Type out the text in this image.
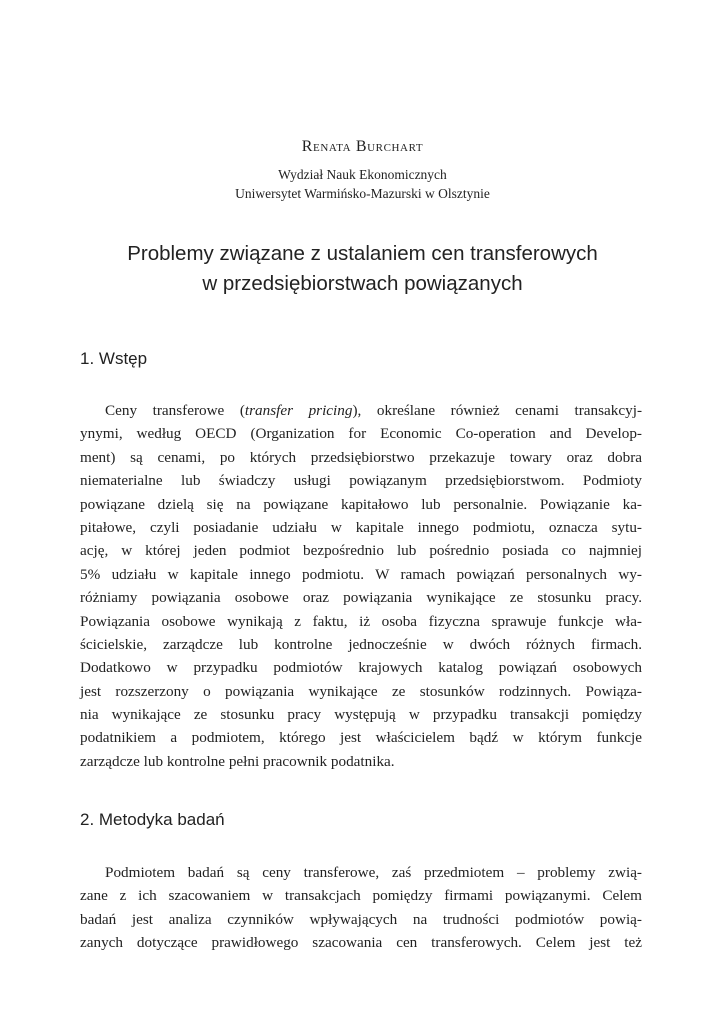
Renata Burchart
Wydział Nauk Ekonomicznych
Uniwersytet Warmińsko-Mazurski w Olsztynie
Problemy związane z ustalaniem cen transferowych
w przedsiębiorstwach powiązanych
1. Wstęp
Ceny transferowe (transfer pricing), określane również cenami transakcyj-
ynymi, według OECD (Organization for Economic Co-operation and Develop-
ment) są cenami, po których przedsiębiorstwo przekazuje towary oraz dobra
niematerialne lub świadczy usługi powiązanym przedsiębiorstwom. Podmioty
powiązane dzielą się na powiązane kapitałowo lub personalnie. Powiązanie ka-
pitałowe, czyli posiadanie udziału w kapitale innego podmiotu, oznacza sytu-
ację, w której jeden podmiot bezpośrednio lub pośrednio posiada co najmniej
5% udziału w kapitale innego podmiotu. W ramach powiązań personalnych wy-
różniamy powiązania osobowe oraz powiązania wynikające ze stosunku pracy.
Powiązania osobowe wynikają z faktu, iż osoba fizyczna sprawuje funkcje wła-
ścicielskie, zarządcze lub kontrolne jednocześnie w dwóch różnych firmach.
Dodatkowo w przypadku podmiotów krajowych katalog powiązań osobowych
jest rozszerzony o powiązania wynikające ze stosunków rodzinnych. Powiąza-
nia wynikające ze stosunku pracy występują w przypadku transakcji pomiędzy
podatnikiem a podmiotem, którego jest właścicielem bądź w którym funkcje
zarządcze lub kontrolne pełni pracownik podatnika.
2. Metodyka badań
Podmiotem badań są ceny transferowe, zaś przedmiotem – problemy zwią-
zane z ich szacowaniem w transakcjach pomiędzy firmami powiązanymi. Celem
badań jest analiza czynników wpływających na trudności podmiotów powią-
zanych dotyczące prawidłowego szacowania cen transferowych. Celem jest też
